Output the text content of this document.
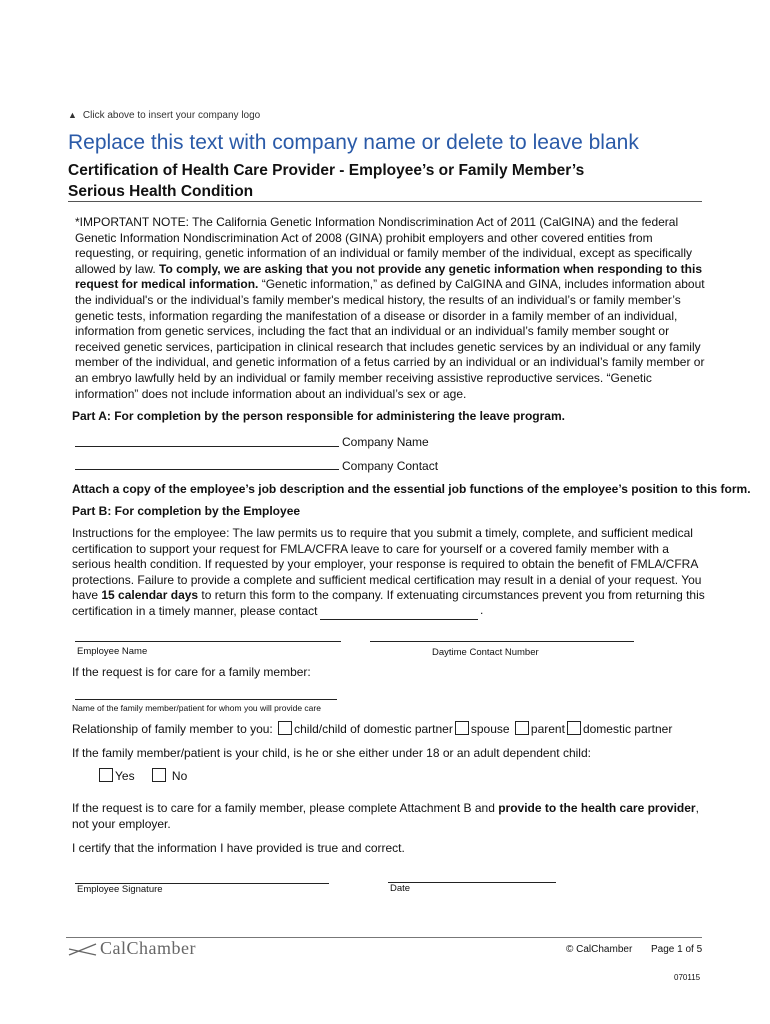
▲ Click above to insert your company logo
Replace this text with company name or delete to leave blank
Certification of Health Care Provider - Employee’s or Family Member’s
Serious Health Condition
*IMPORTANT NOTE: The California Genetic Information Nondiscrimination Act of 2011 (CalGINA) and the federal Genetic Information Nondiscrimination Act of 2008 (GINA) prohibit employers and other covered entities from requesting, or requiring, genetic information of an individual or family member of the individual, except as specifically allowed by law. To comply, we are asking that you not provide any genetic information when responding to this request for medical information. “Genetic information,” as defined by CalGINA and GINA, includes information about the individual's or the individual’s family member's medical history, the results of an individual’s or family member’s genetic tests, information regarding the manifestation of a disease or disorder in a family member of an individual, information from genetic services, including the fact that an individual or an individual’s family member sought or received genetic services, participation in clinical research that includes genetic services by an individual or any family member of the individual, and genetic information of a fetus carried by an individual or an individual’s family member or an embryo lawfully held by an individual or family member receiving assistive reproductive services. “Genetic information” does not include information about an individual’s sex or age.
Part A: For completion by the person responsible for administering the leave program.
Company Name
Company Contact
Attach a copy of the employee’s job description and the essential job functions of the employee’s position to this form.
Part B: For completion by the Employee
Instructions for the employee: The law permits us to require that you submit a timely, complete, and sufficient medical certification to support your request for FMLA/CFRA leave to care for yourself or a covered family member with a serious health condition. If requested by your employer, your response is required to obtain the benefit of FMLA/CFRA protections. Failure to provide a complete and sufficient medical certification may result in a denial of your request. You have 15 calendar days to return this form to the company. If extenuating circumstances prevent you from returning this certification in a timely manner, please contact	.
Employee Name	Daytime Contact Number
If the request is for care for a family member:
Name of the family member/patient for whom you will provide care
Relationship of family member to you: child/child of domestic partner spouse parent domestic partner
If the family member/patient is your child, is he or she either under 18 or an adult dependent child:
Yes	No
If the request is to care for a family member, please complete Attachment B and provide to the health care provider, not your employer.
I certify that the information I have provided is true and correct.
Employee Signature	Date
CalChamber	© CalChamber Page 1 of 5
070115
